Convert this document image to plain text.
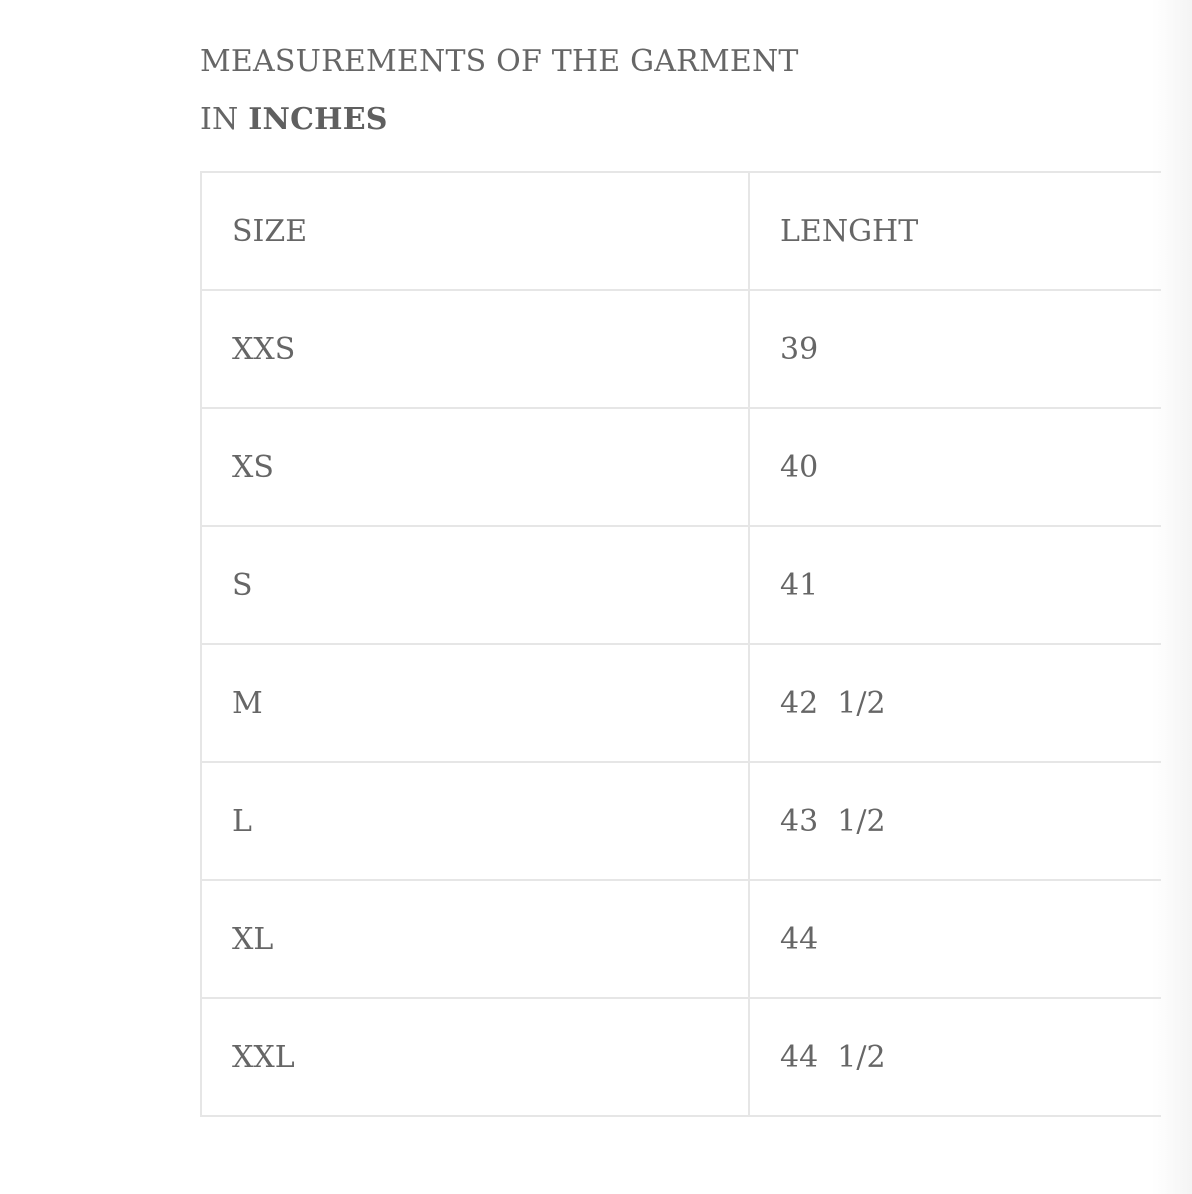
MEASUREMENTS OF THE GARMENT
IN INCHES
SIZE	LENGHT
XXS	39
XS	40
S	41
M	42  1/2
L	43  1/2
XL	44
XXL	44  1/2
